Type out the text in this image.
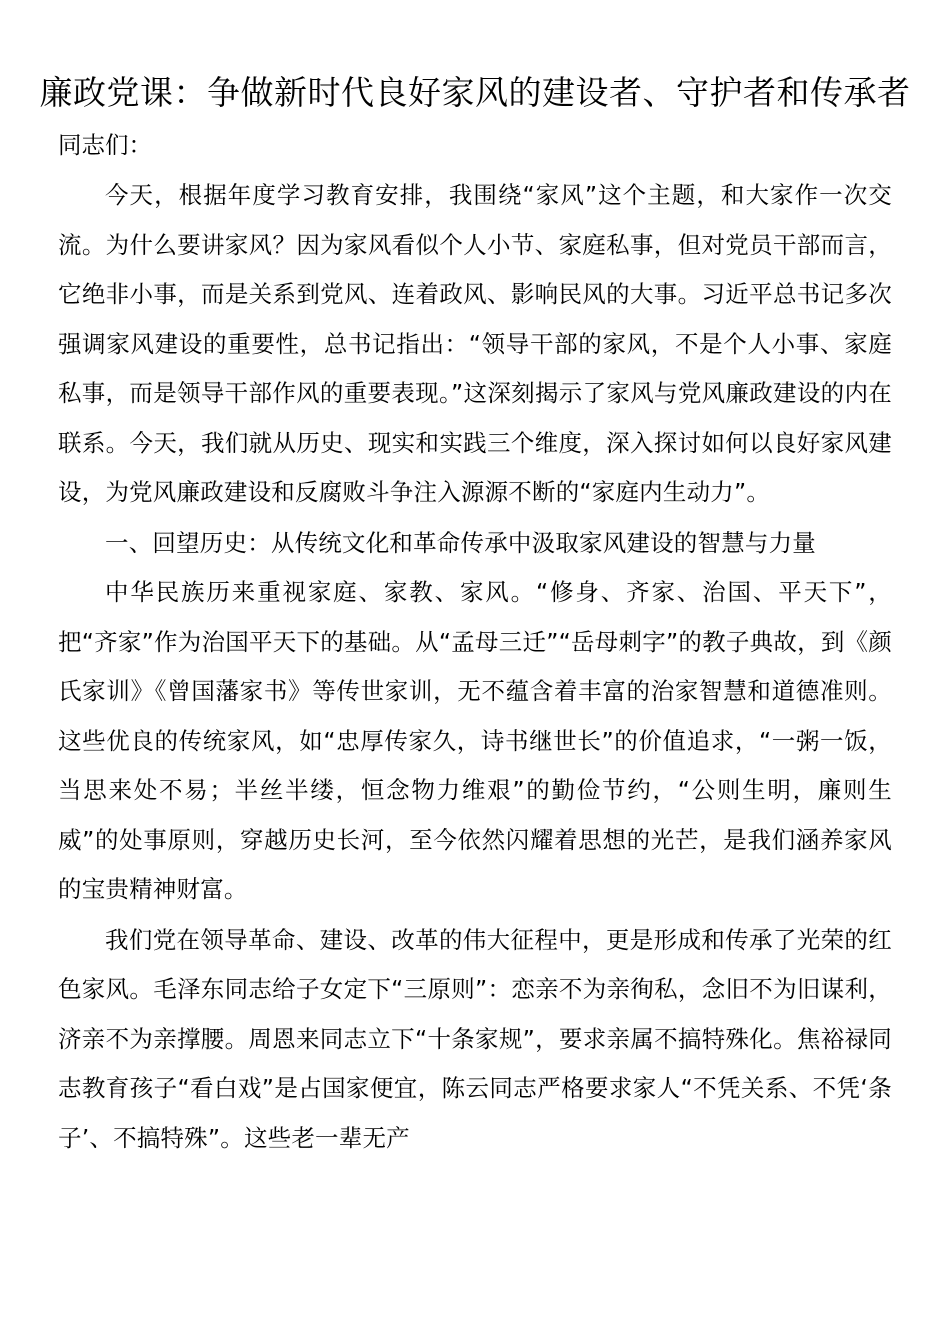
廉政党课：争做新时代良好家风的建设者、守护者和传承者
同志们：

今天，根据年度学习教育安排，我围绕“家风”这个主题，和大家作一次交流。为什么要讲家风？因为家风看似个人小节、家庭私事，但对党员干部而言，它绝非小事，而是关系到党风、连着政风、影响民风的大事。习近平总书记多次强调家风建设的重要性，总书记指出：“领导干部的家风，不是个人小事、家庭私事，而是领导干部作风的重要表现。”这深刻揭示了家风与党风廉政建设的内在联系。今天，我们就从历史、现实和实践三个维度，深入探讨如何以良好家风建设，为党风廉政建设和反腐败斗争注入源源不断的“家庭内生动力”。

一、回望历史：从传统文化和革命传承中汲取家风建设的智慧与力量

中华民族历来重视家庭、家教、家风。“修身、齐家、治国、平天下”，把“齐家”作为治国平天下的基础。从“孟母三迁”“岳母刺字”的教子典故，到《颜氏家训》《曾国藩家书》等传世家训，无不蕴含着丰富的治家智慧和道德准则。这些优良的传统家风，如“忠厚传家久，诗书继世长”的价值追求，“一粥一饭，当思来处不易；半丝半缕，恒念物力维艰”的勤俭节约，“公则生明，廉则生威”的处事原则，穿越历史长河，至今依然闪耀着思想的光芒，是我们涵养家风的宝贵精神财富。

我们党在领导革命、建设、改革的伟大征程中，更是形成和传承了光荣的红色家风。毛泽东同志给子女定下“三原则”：恋亲不为亲徇私，念旧不为旧谋利，济亲不为亲撑腰。周恩来同志立下“十条家规”，要求亲属不搞特殊化。焦裕禄同志教育孩子“看白戏”是占国家便宜，陈云同志严格要求家人“不凭关系、不凭‘条子’、不搞特殊”。这些老一辈无产
